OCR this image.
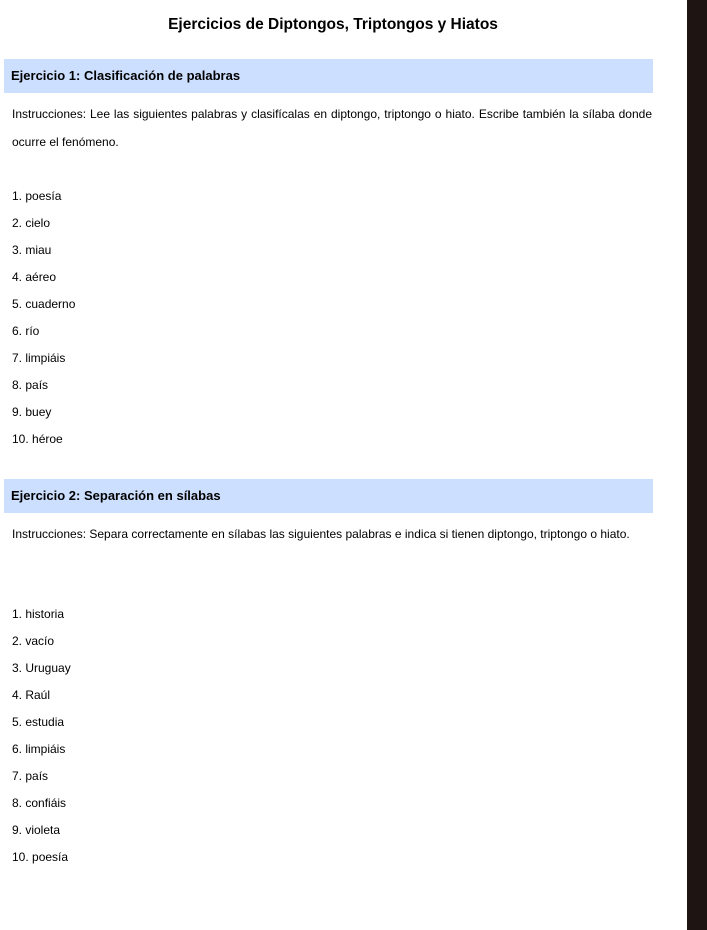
Ejercicios de Diptongos, Triptongos y Hiatos
Ejercicio 1: Clasificación de palabras
Instrucciones: Lee las siguientes palabras y clasifícalas en diptongo, triptongo o hiato. Escribe también la sílaba donde ocurre el fenómeno.
1. poesía
2. cielo
3. miau
4. aéreo
5. cuaderno
6. río
7. limpiáis
8. país
9. buey
10. héroe
Ejercicio 2: Separación en sílabas
Instrucciones: Separa correctamente en sílabas las siguientes palabras e indica si tienen diptongo, triptongo o hiato.
1. historia
2. vacío
3. Uruguay
4. Raúl
5. estudia
6. limpiáis
7. país
8. confiáis
9. violeta
10. poesía
